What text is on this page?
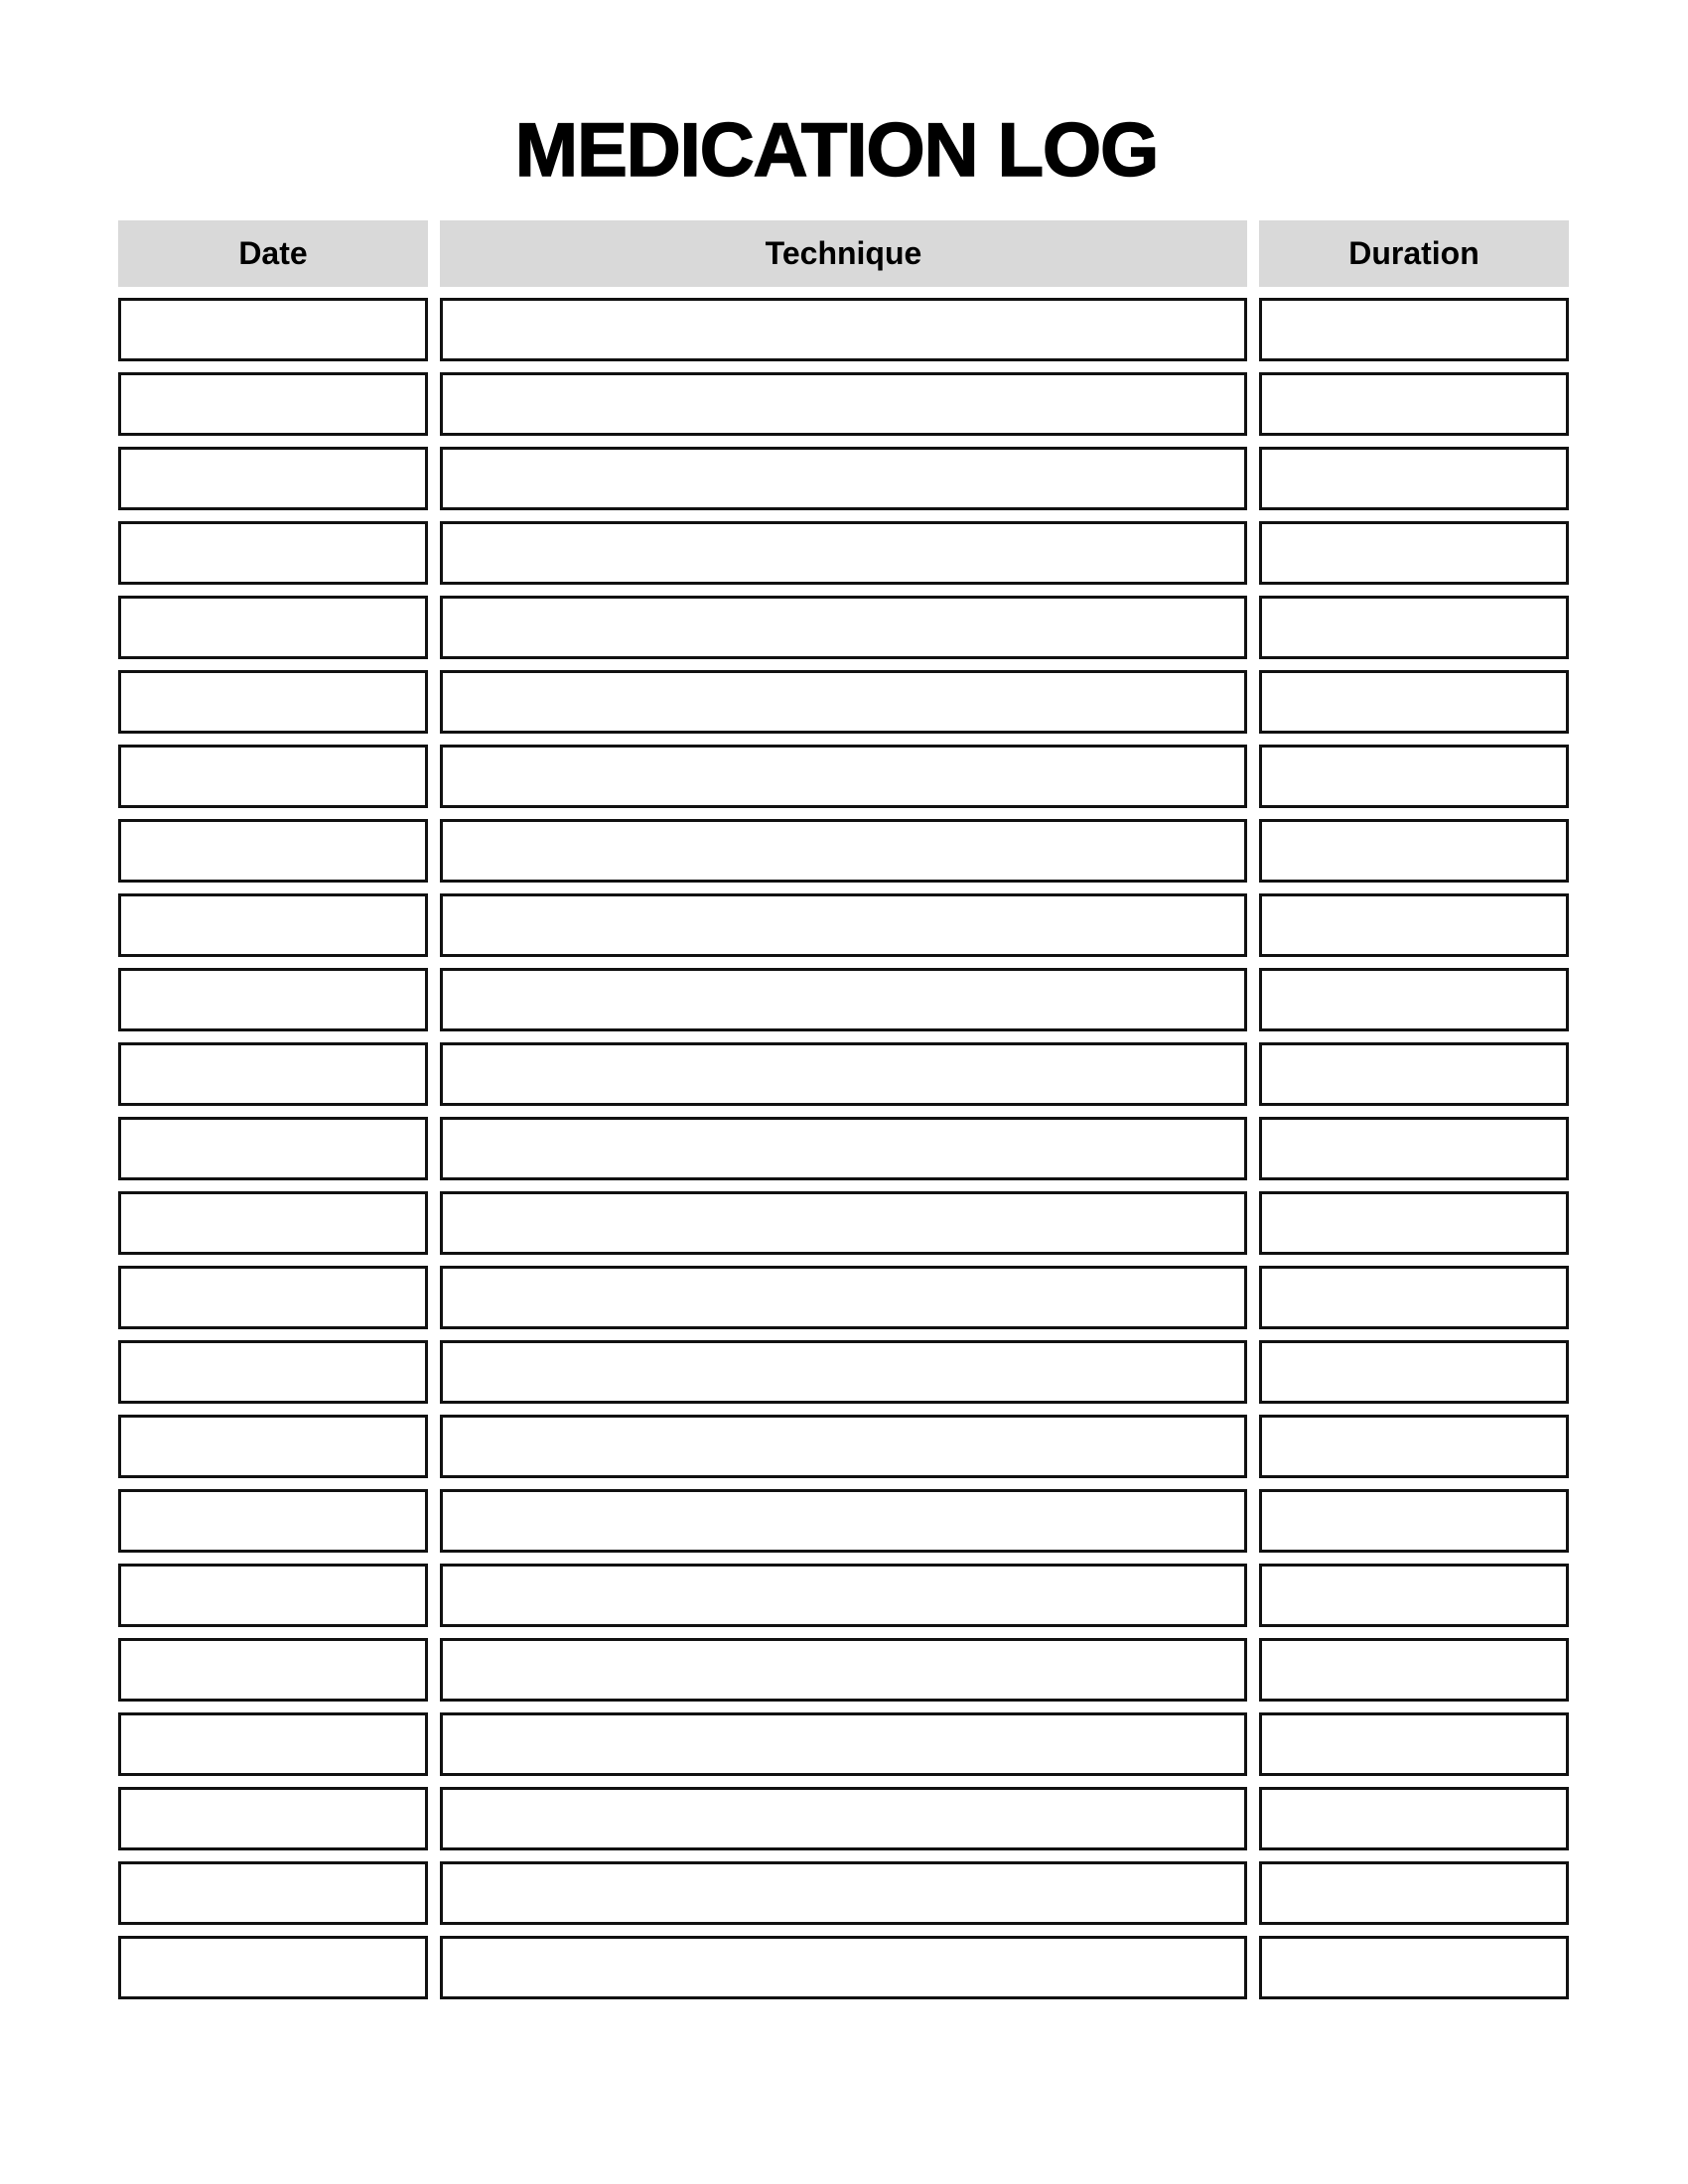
MEDICATION LOG
Date	Technique	Duration
